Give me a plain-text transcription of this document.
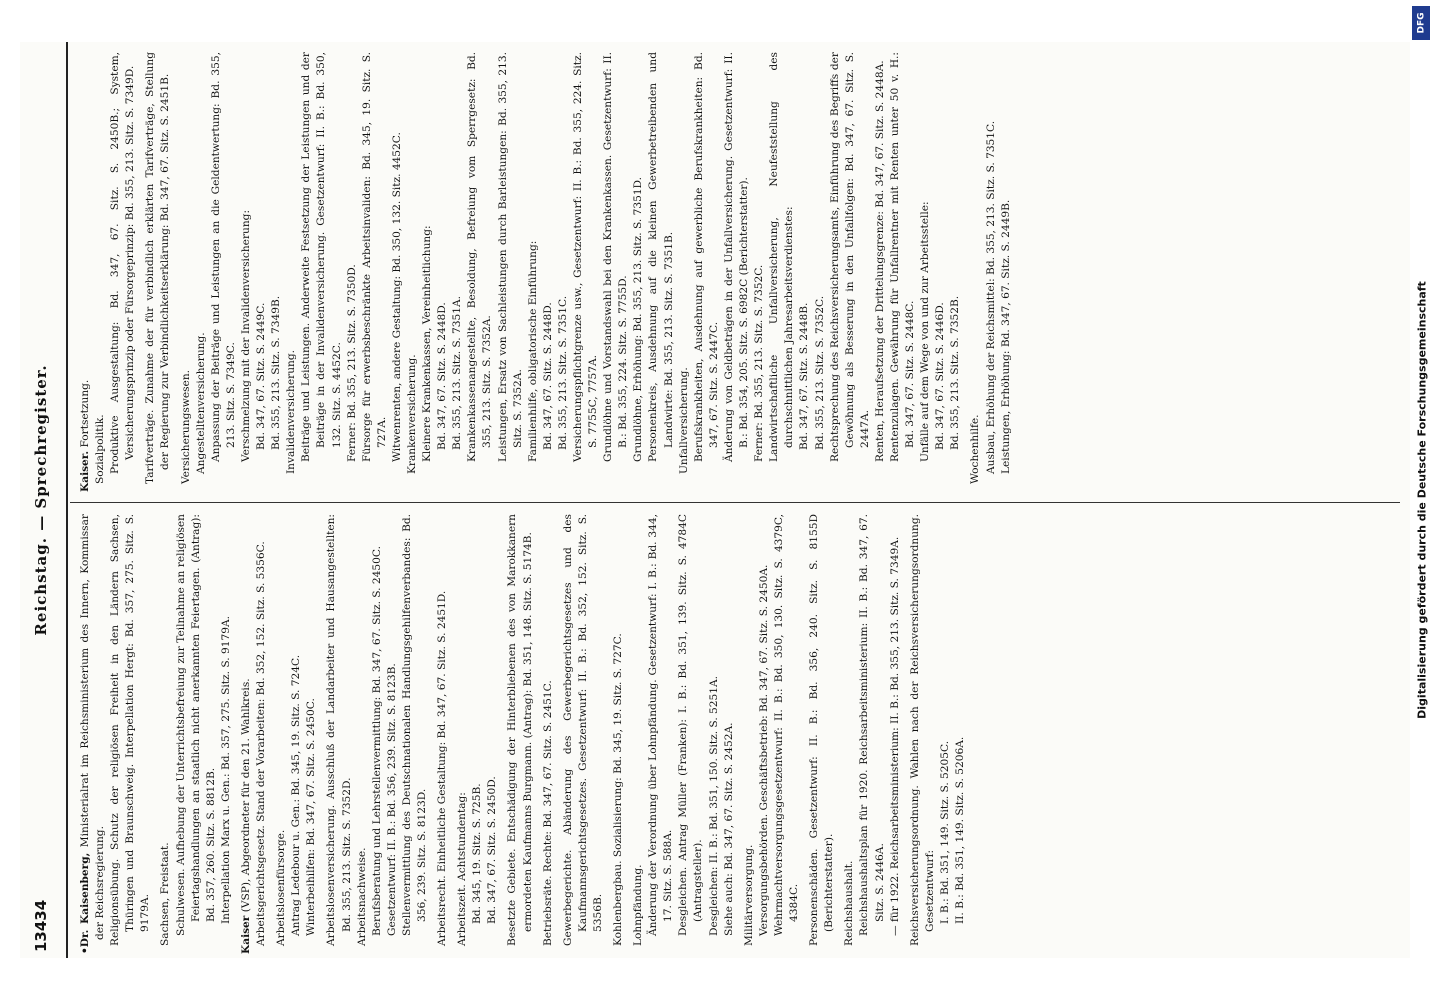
13434
Reichstag. — Sprechregister.

•Dr. Kaisenberg, Ministerialrat im Reichsministerium des Innern, Kommissar der Reichsregierung. Religionsübung. Schutz der religiösen Freiheit in den Ländern Sachsen, Thüringen und Braunschweig. Interpellation Hergt: Bd. 357, 275. Sitz. S. 9179A. Sachsen, Freistaat. Schulwesen. Aufhebung der Unterrichtsbefreiung zur Teilnahme an religiösen Feiertagshandlungen an staatlich nicht anerkannten Feiertagen. (Antrag): Bd. 357, 260. Sitz. S. 8812B. Interpellation Marx u. Gen.: Bd. 357, 275. Sitz. S. 9179A.

Kaiser (VSP), Abgeordneter für den 21. Wahlkreis. Arbeitsgerichtsgesetz. Stand der Vorarbeiten: Bd. 352, 152. Sitz. S. 5356C. Arbeitslosenfürsorge. Antrag Ledebour u. Gen.: Bd. 345, 19. Sitz. S. 724C. Winterbeihilfen: Bd. 347, 67. Sitz. S. 2450C. Arbeitslosenversicherung. Ausschluß der Landarbeiter und Hausangestellten: Bd. 355, 213. Sitz. S. 7352D. Arbeitsnachweise. Berufsberatung und Lehrstellenvermittlung: Bd. 347, 67. Sitz. S. 2450C. Gesetzentwurf: II. B.: Bd. 356, 239. Sitz. S. 8123B. Stellenvermittlung des Deutschnationalen Handlungsgehilfenverbandes: Bd. 356, 239. Sitz. S. 8123D. Arbeitsrecht. Einheitliche Gestaltung: Bd. 347, 67. Sitz. S. 2451D. Arbeitszeit. Achtstundentag: Bd. 345, 19. Sitz. S. 725B. Bd. 347, 67. Sitz. S. 2450D. Besetzte Gebiete. Entschädigung der Hinterbliebenen des von Marokkanern ermordeten Kaufmanns Burgmann. (Antrag): Bd. 351, 148. Sitz. S. 5174B. Betriebsräte. Rechte: Bd. 347, 67. Sitz. S. 2451C. Gewerbegerichte. Abänderung des Gewerbegerichtsgesetzes und des Kaufmannsgerichtsgesetzes. Gesetzentwurf: II. B.: Bd. 352, 152. Sitz. S. 5356B. Kohlenbergbau. Sozialisierung: Bd. 345, 19. Sitz. S. 727C. Lohnpfändung. Änderung der Verordnung über Lohnpfändung. Gesetzentwurf: I. B.: Bd. 344, 17. Sitz. S. 588A. Desgleichen. Antrag Müller (Franken): I. B.: Bd. 351, 139. Sitz. S. 4784C (Antragsteller). Desgleichen: II. B.: Bd. 351, 150. Sitz. S. 5251A. Siehe auch: Bd. 347, 67. Sitz. S. 2452A. Militärversorgung. Versorgungsbehörden. Geschäftsbetrieb: Bd. 347, 67. Sitz. S. 2450A. Wehrmachtversorgungsgesetzentwurf: II. B.: Bd. 350, 130. Sitz. S. 4379C, 4384C. Personenschäden. Gesetzentwurf: II. B.: Bd. 356, 240. Sitz. S. 8155D (Berichterstatter). Reichshaushalt. Reichshaushaltsplan für 1920. Reichsarbeitsministerium: II. B.: Bd. 347, 67. Sitz. S. 2446A. — für 1922. Reichsarbeitsministerium: II. B.: Bd. 355, 213. Sitz. S. 7349A. Reichsversicherungsordnung. Wahlen nach der Reichsversicherungsordnung. Gesetzentwurf: I. B.: Bd. 351, 149. Sitz. S. 5205C. II. B.: Bd. 351, 149. Sitz. S. 5206A.

Kaiser. Fortsetzung. Sozialpolitik. Produktive Ausgestaltung: Bd. 347, 67. Sitz. S. 2450B.; System, Versicherungsprinzip oder Fürsorgeprinzip: Bd. 355, 213. Sitz. S. 7349D. Tarifverträge. Zunahme der für verbindlich erklärten Tarifverträge, Stellung der Regierung zur Verbindlichkeitserklärung: Bd. 347, 67. Sitz. S. 2451B. Versicherungswesen. Angestelltenversicherung. Anpassung der Beiträge und Leistungen an die Geldentwertung: Bd. 355, 213. Sitz. S. 7349C. Verschmelzung mit der Invalidenversicherung: Bd. 347, 67. Sitz. S. 2449C. Bd. 355, 213. Sitz. S. 7349B. Invalidenversicherung. Beiträge und Leistungen. Anderweite Festsetzung der Leistungen und der Beiträge in der Invalidenversicherung. Gesetzentwurf: II. B.: Bd. 350, 132. Sitz. S. 4452C. Ferner: Bd. 355, 213. Sitz. S. 7350D. Fürsorge für erwerbsbeschränkte Arbeitsinvaliden: Bd. 345, 19. Sitz. S. 727A. Witwenrenten, andere Gestaltung: Bd. 350, 132. Sitz. 4452C. Krankenversicherung. Kleinere Krankenkassen, Vereinheitlichung: Bd. 347, 67. Sitz. S. 2448D. Bd. 355, 213. Sitz. S. 7351A. Krankenkassenangestellte, Besoldung, Befreiung vom Sperrgesetz: Bd. 355, 213. Sitz. S. 7352A. Leistungen, Ersatz von Sachleistungen durch Barleistungen: Bd. 355, 213. Sitz. S. 7352A. Familienhilfe, obligatorische Einführung: Bd. 347, 67. Sitz. S. 2448D. Bd. 355, 213. Sitz. S. 7351C. Versicherungspflichtgrenze usw., Gesetzentwurf: II. B.: Bd. 355, 224. Sitz. S. 7755C, 7757A. Grundlöhne und Vorstandswahl bei den Krankenkassen. Gesetzentwurf: II. B.: Bd. 355, 224. Sitz. S. 7755D. Grundlöhne, Erhöhung: Bd. 355, 213. Sitz. S. 7351D. Personenkreis, Ausdehnung auf die kleinen Gewerbetreibenden und Landwirte: Bd. 355, 213. Sitz. S. 7351B. Unfallversicherung. Berufskrankheiten, Ausdehnung auf gewerbliche Berufskrankheiten: Bd. 347, 67. Sitz. S. 2447C. Änderung von Geldbeträgen in der Unfallversicherung. Gesetzentwurf: II. B.: Bd. 354, 205. Sitz. S. 6982C (Berichterstatter). Ferner: Bd. 355, 213. Sitz. S. 7352C. Landwirtschaftliche Unfallversicherung, Neufeststellung des durchschnittlichen Jahresarbeitsverdienstes: Bd. 347, 67. Sitz. S. 2448B. Bd. 355, 213. Sitz. S. 7352C. Rechtsprechung des Reichsversicherungsamts, Einführung des Begriffs der Gewöhnung als Besserung in den Unfallfolgen: Bd. 347, 67. Sitz. S. 2447A. Renten, Heraufsetzung der Drittelungsgrenze: Bd. 347, 67. Sitz. S. 2448A. Rentenzulagen. Gewährung für Unfallrentner mit Renten unter 50 v. H.: Bd. 347, 67. Sitz. S. 2448C. Unfälle auf dem Wege von und zur Arbeitsstelle: Bd. 347, 67. Sitz. S. 2446D. Bd. 355, 213. Sitz. S. 7352B. Wochenhilfe. Ausbau, Erhöhung der Reichsmittel: Bd. 355, 213. Sitz. S. 7351C. Leistungen, Erhöhung: Bd. 347, 67. Sitz. S. 2449B.	Digitalisierung gefördert durch die Deutsche Forschungsgemeinschaft
DFG
